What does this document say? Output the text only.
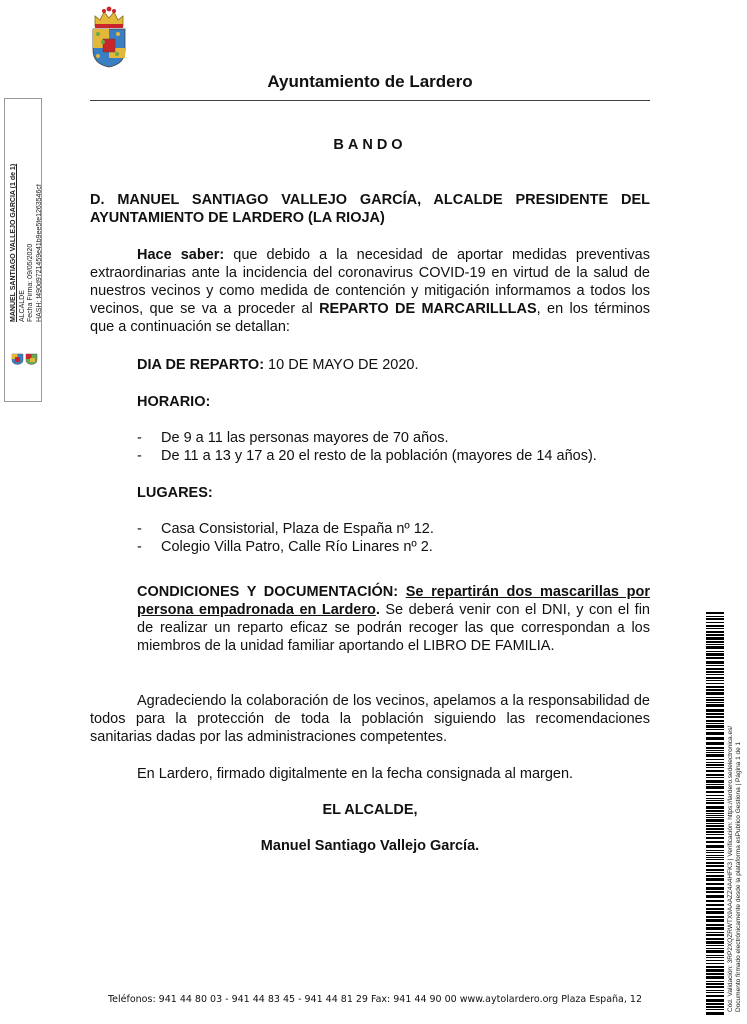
Ayuntamiento de Lardero
MANUEL SANTIAGO VALLEJO GARCÍA (1 de 1) ALCALDE Fecha Firma: 09/05/2020 HASH: f490d9721459e41b9ee5fe1263546cf
BANDO
D. MANUEL SANTIAGO VALLEJO GARCÍA, ALCALDE PRESIDENTE DEL AYUNTAMIENTO DE LARDERO (LA RIOJA)
Hace saber: que debido a la necesidad de aportar medidas preventivas extraordinarias ante la incidencia del coronavirus COVID-19 en virtud de la salud de nuestros vecinos y como medida de contención y mitigación informamos a todos los vecinos, que se va a proceder al REPARTO DE MARCARILLLAS, en los términos que a continuación se detallan:
DIA DE REPARTO: 10 DE MAYO DE 2020.
HORARIO:
-	De 9 a 11 las personas mayores de 70 años.
-	De 11 a 13 y 17 a 20 el resto de la población (mayores de 14 años).
LUGARES:
-	Casa Consistorial, Plaza de España nº 12.
-	Colegio Villa Patro, Calle Río Linares nº 2.
CONDICIONES Y DOCUMENTACIÓN: Se repartirán dos mascarillas por persona empadronada en Lardero. Se deberá venir con el DNI, y con el fin de realizar un reparto eficaz se podrán recoger las que correspondan a los miembros de la unidad familiar aportando el LIBRO DE FAMILIA.
Agradeciendo la colaboración de los vecinos, apelamos a la responsabilidad de todos para la protección de toda la población siguiendo las recomendaciones sanitarias dadas por las administraciones competentes.
En Lardero, firmado digitalmente en la fecha consignada al margen.
EL ALCALDE,
Manuel Santiago Vallejo García.
Teléfonos: 941 44 80 03 - 941 44 83 45 - 941 44 81 29 Fax: 941 44 90 00 www.aytolardero.org Plaza España, 12	Cód. Validación: 3RP2XQZRWTX9AAAZZ4A4HFK3 | Verificación: https://lardero.sedelectronica.es/ Documento firmado electrónicamente desde la plataforma esPublico Gestiona | Página 1 de 1
